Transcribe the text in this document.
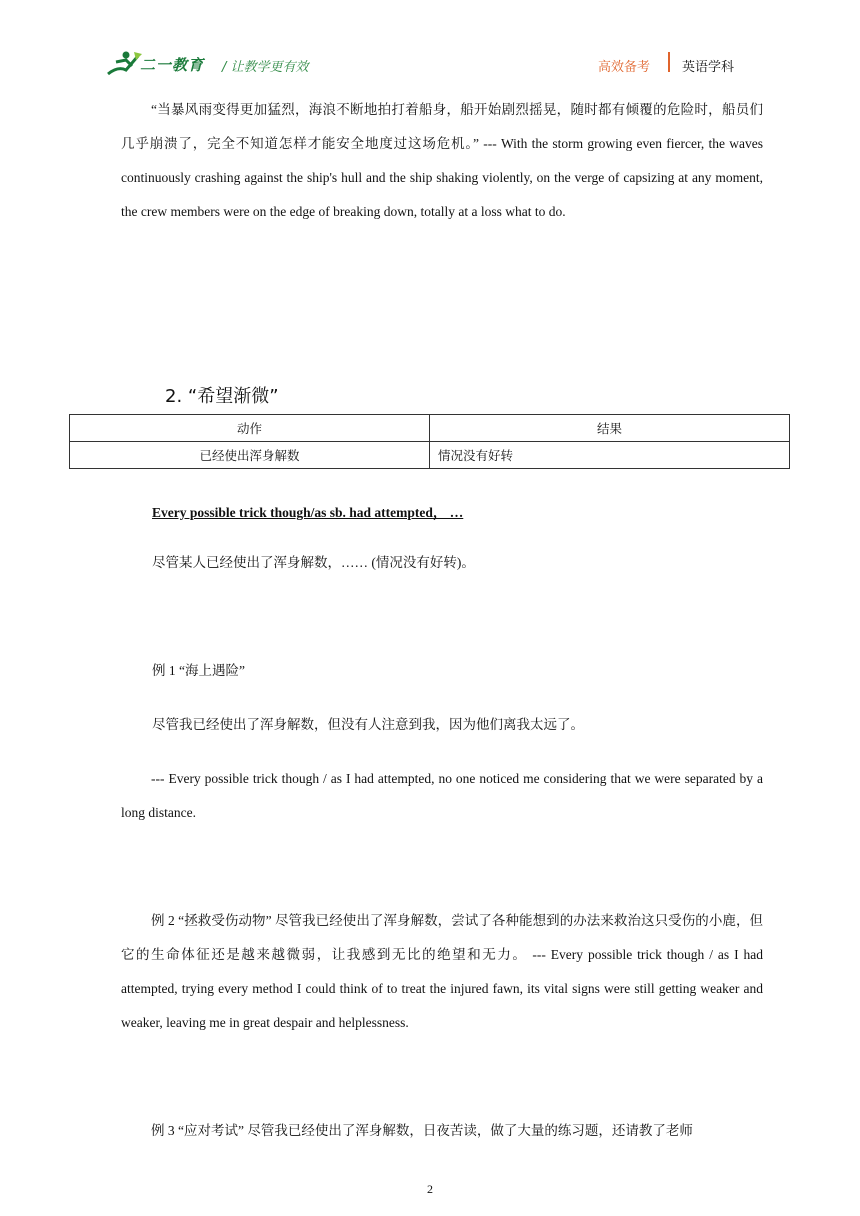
二一教育 / 让教学更有效	高效备考 英语学科
“当暴风雨变得更加猛烈，海浪不断地拍打着船身，船开始剧烈摇晃，随时都有倾覆的危险时，船员们几乎崩溃了，完全不知道怎样才能安全地度过这场危机。” --- With the storm growing even fiercer, the waves continuously crashing against the ship's hull and the ship shaking violently, on the verge of capsizing at any moment, the crew members were on the edge of breaking down, totally at a loss what to do.
2. “希望渐微”
动作	结果
已经使出浑身解数	情况没有好转
Every possible trick though/as sb. had attempted， …
尽管某人已经使出了浑身解数，…… (情况没有好转)。
例 1 “海上遇险”
尽管我已经使出了浑身解数，但没有人注意到我，因为他们离我太远了。
--- Every possible trick though / as I had attempted, no one noticed me considering that we were separated by a long distance.
例 2 “拯救受伤动物” 尽管我已经使出了浑身解数，尝试了各种能想到的办法来救治这只受伤的小鹿，但它的生命体征还是越来越微弱，让我感到无比的绝望和无力。 --- Every possible trick though / as I had attempted, trying every method I could think of to treat the injured fawn, its vital signs were still getting weaker and weaker, leaving me in great despair and helplessness.
例 3 “应对考试” 尽管我已经使出了浑身解数，日夜苦读，做了大量的练习题，还请教了老师
2
